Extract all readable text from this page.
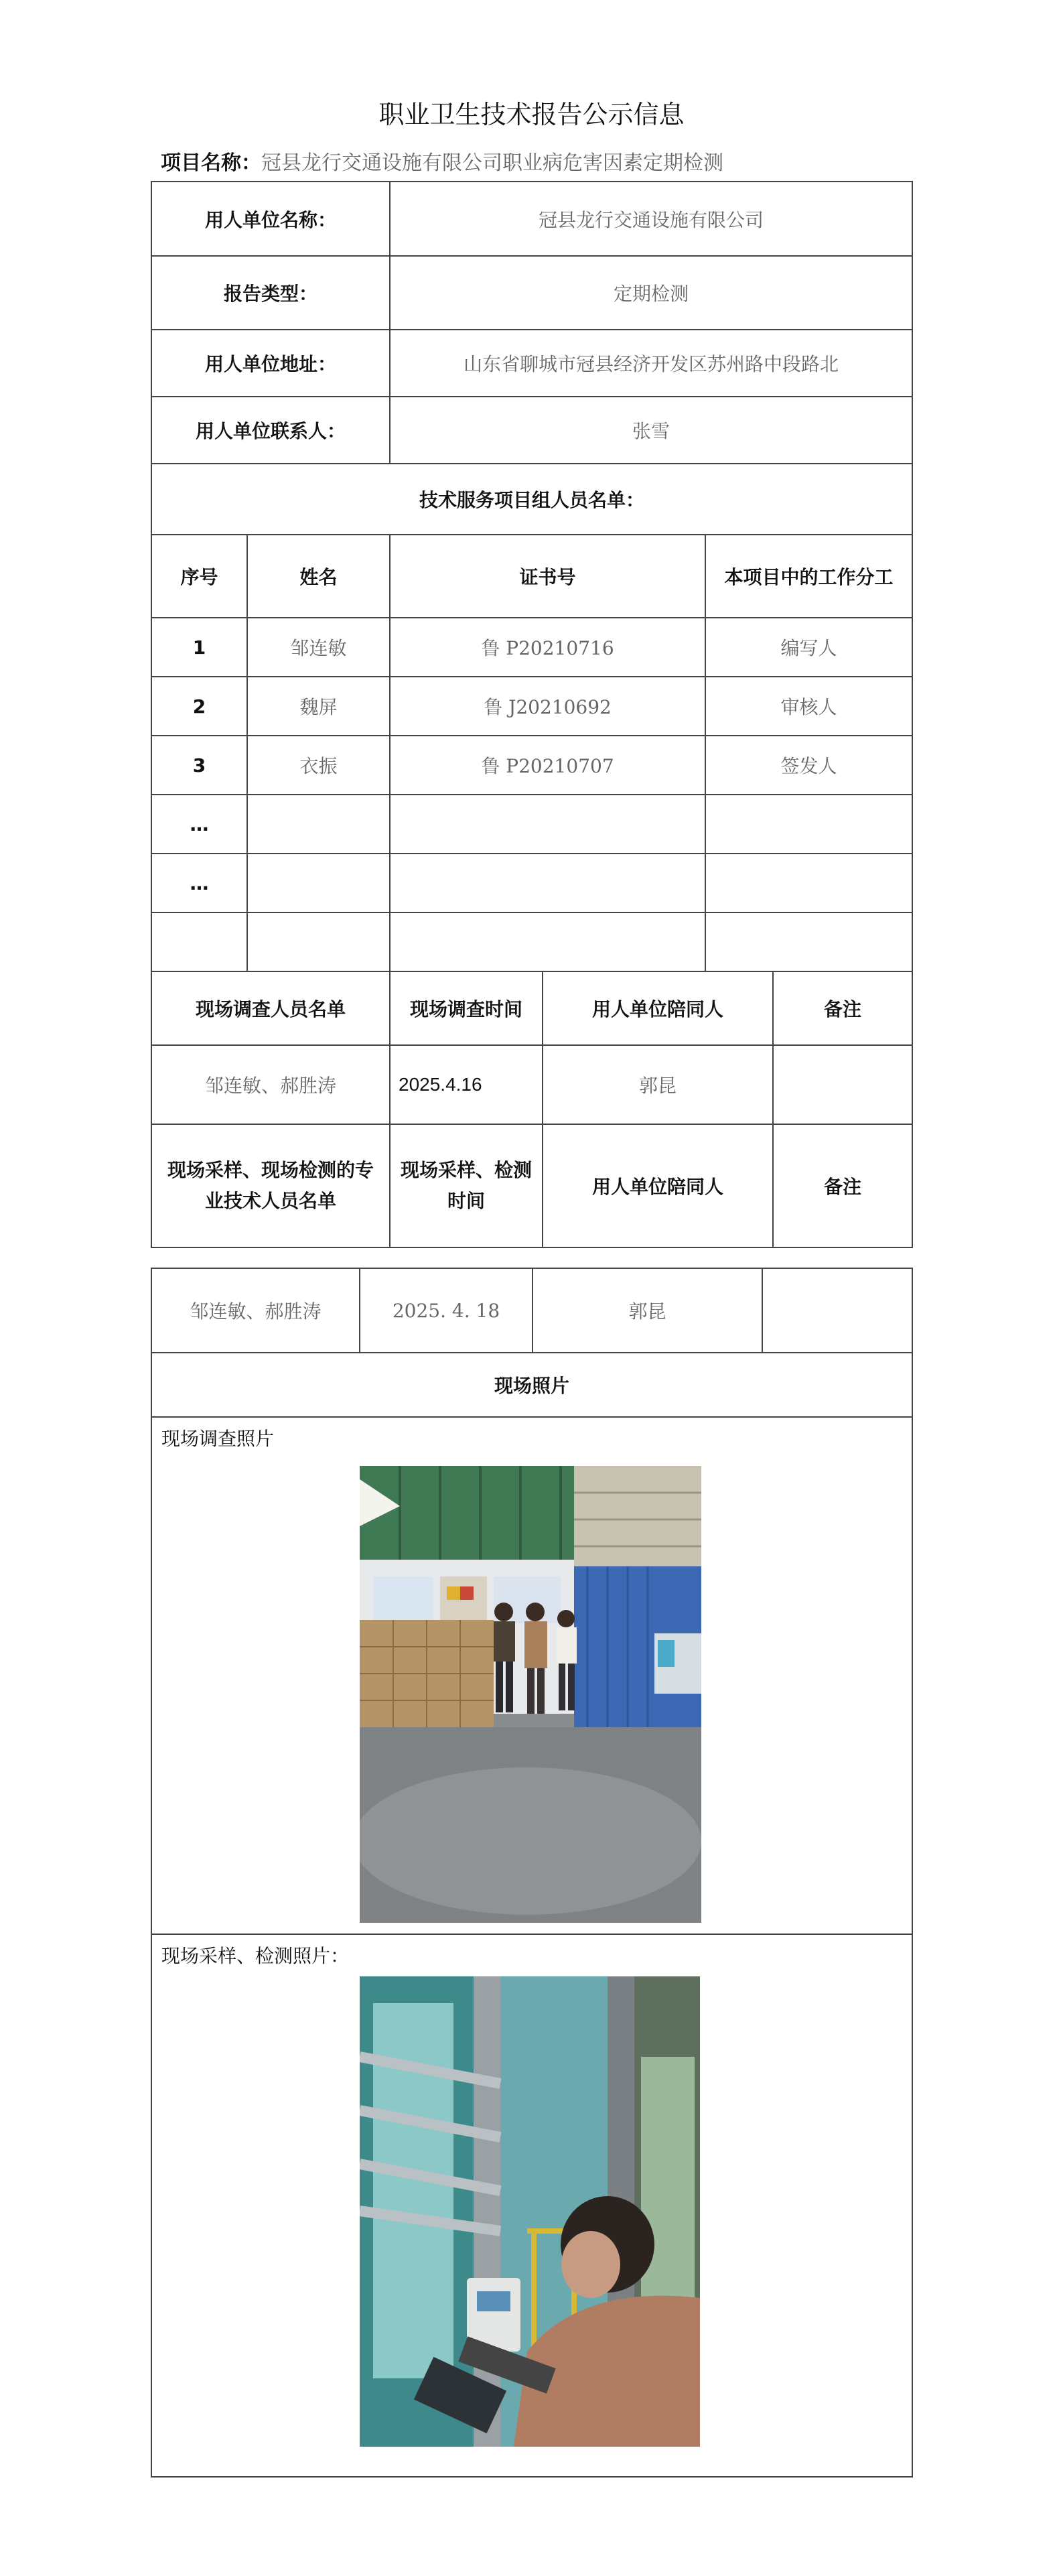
职业卫生技术报告公示信息
项目名称：冠县龙行交通设施有限公司职业病危害因素定期检测
用人单位名称：		冠县龙行交通设施有限公司			
报告类型：		定期检测			
用人单位地址：		山东省聊城市冠县经济开发区苏州路中段路北			
用人单位联系人：		张雪			
技术服务项目组人员名单：					
序号	姓名	证书号		本项目中的工作分工	
1	邹连敏	鲁 P20210716		编写人	
2	魏屏	鲁 J20210692		审核人	
3	衣振	鲁 P20210707		签发人	
…					
…					

现场调查人员名单		现场调查时间	用人单位陪同人		备注
邹连敏、郝胜涛		2025.4.16	郭昆		
现场采样、现场检测的专业技术人员名单		现场采样、检测时间	用人单位陪同人		备注
邹连敏、郝胜涛	2025. 4. 18	郭昆	
现场照片
现场调查照片
现场采样、检测照片：
